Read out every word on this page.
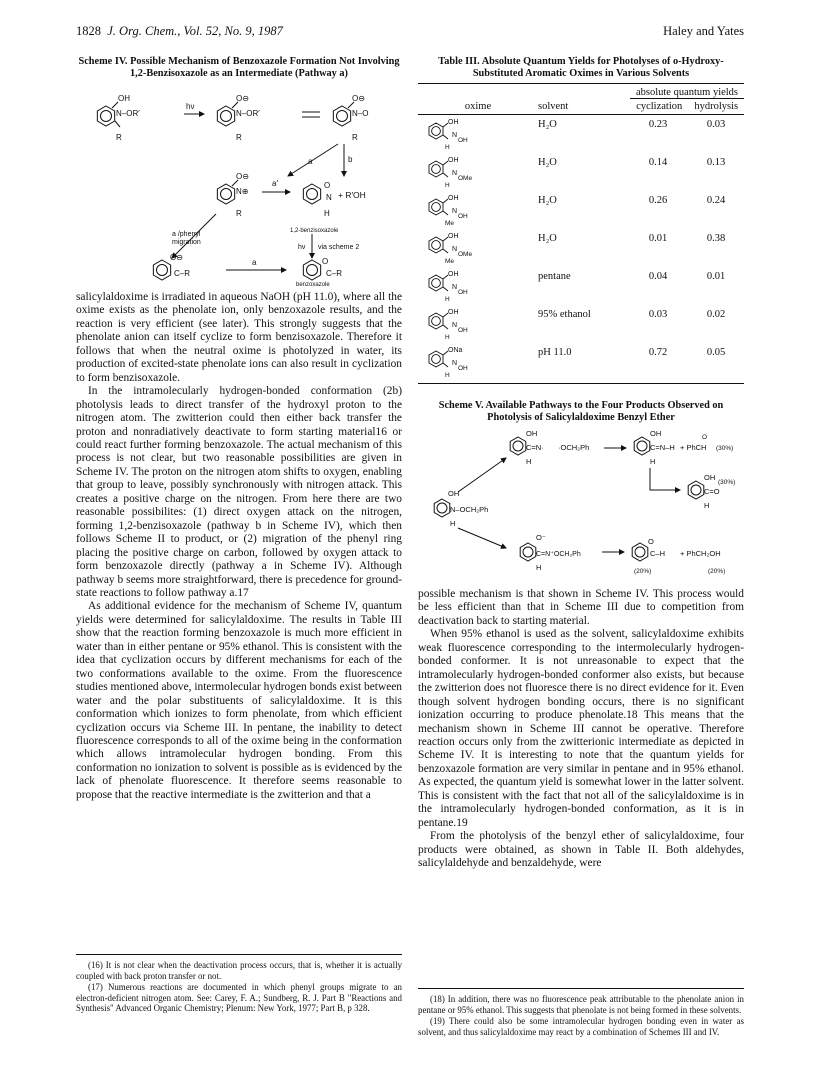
1828 J. Org. Chem., Vol. 52, No. 9, 1987	Haley and Yates
Scheme IV. Possible Mechanism of Benzoxazole Formation Not Involving 1,2-Benzisoxazole as an Intermediate (Pathway a)
OH
N–OR′
R
hν
O⊖
N–OR′
R
O⊖
N–O
R
a	b
O⊖
N⊕
R
a′	O
N
H
+ R′OH
1,2-benzisoxazole
a /phenyl
migration
hν via scheme 2
O⊖
C–R
a	O
C–R
benzoxazole

salicylaldoxime is irradiated in aqueous NaOH (pH 11.0), where all the oxime exists as the phenolate ion, only benzoxazole results, and the reaction is very efficient (see later). This strongly suggests that the phenolate anion can itself cyclize to form benzisoxazole. Therefore it follows that when the neutral oxime is photolyzed in water, its production of excited-state phenolate ions can also result in cyclization to form benzisoxazole.

In the intramolecularly hydrogen-bonded conformation (2b) photolysis leads to direct transfer of the hydroxyl proton to the nitrogen atom. The zwitterion could then either back transfer the proton and nonradiatively deactivate to form starting material16 or could react further forming benzoxazole. The actual mechanism of this process is not clear, but two reasonable possibilities are given in Scheme IV. The proton on the nitrogen atom shifts to oxygen, enabling that group to leave, possibly synchronously with nitrogen attack. This creates a positive charge on the nitrogen. From here there are two reasonable possibilites: (1) direct oxygen attack on the nitrogen, forming 1,2-benzisoxazole (pathway b in Scheme IV), which then follows Scheme II to product, or (2) migration of the phenyl ring placing the positive charge on carbon, followed by oxygen attack to form benzoxazole directly (pathway a in Scheme IV). Although pathway b seems more straightforward, there is precedence for ground-state reactions to follow pathway a.17

As additional evidence for the mechanism of Scheme IV, quantum yields were determined for salicylaldoxime. The results in Table III show that the reaction forming benzoxazole is much more efficient in water than in either pentane or 95% ethanol. This is consistent with the idea that cyclization occurs by different mechanisms for each of the two conformations available to the oxime. From the fluorescence studies mentioned above, intermolecular hydrogen bonds exist between water and the polar substituents of salicylaldoxime. It is this conformation which ionizes to form phenolate, from which efficient cyclization occurs via Scheme III. In pentane, the inability to detect fluorescence corresponds to all of the oxime being in the conformation which allows intramolecular hydrogen bonding. From this conformation no ionization to solvent is possible as is evidenced by the lack of phenolate fluorescence. It therefore seems reasonable to propose that the reactive intermediate is the zwitterion and that a

(16) It is not clear when the deactivation process occurs, that is, whether it is actually coupled with back proton transfer or not.

(17) Numerous reactions are documented in which phenyl groups migrate to an electron-deficient nitrogen atom. See: Carey, F. A.; Sundberg, R. J. Part B "Reactions and Synthesis" Advanced Organic Chemistry; Plenum: New York, 1977; Part B, p 328.

Table III. Absolute Quantum Yields for Photolyses of o-Hydroxy-Substituted Aromatic Oximes in Various Solvents
		absolute quantum yields	
oxime	solvent	cyclization	hydrolysis
OH
N
OH
H
H₂O	0.23	0.03
OH
N
OMe
H
H₂O	0.14	0.13
OH
N
OH
Me
H₂O	0.26	0.24
OH
N
OMe
Me
H₂O	0.01	0.38
OH
N
OH
H
pentane	0.04	0.01
OH
N
OH
H
95% ethanol	0.03	0.02
ONa
N
OH
H
pH 11.0	0.72	0.05
Scheme V. Available Pathways to the Four Products Observed on Photolysis of Salicylaldoxime Benzyl Ether
OH
C=N·
H
·OCH₂Ph
OH
C=N–H
H
+ PhCH
O
(30%)
OH
C=O
H
(30%)
OH
N–OCH₂Ph
H
O⁻
C=N⁺OCH₂Ph
H
O
C–H + PhCH₂OH
(20%)	(20%)

possible mechanism is that shown in Scheme IV. This process would be less efficient than that in Scheme III due to competition from deactivation back to starting material.

When 95% ethanol is used as the solvent, salicylaldoxime exhibits weak fluorescence corresponding to the intermolecularly hydrogen-bonded conformer. It is not unreasonable to expect that the intramolecularly hydrogen-bonded conformer also exists, but because the zwitterion does not fluoresce there is no direct evidence for it. Even though solvent hydrogen bonding occurs, there is no significant ionization occurring to produce phenolate.18 This means that the mechanism shown in Scheme III cannot be operative. Therefore reaction occurs only from the zwitterionic intermediate as depicted in Scheme IV. It is interesting to note that the quantum yields for benzoxazole formation are very similar in pentane and in 95% ethanol. As expected, the quantum yield is somewhat lower in the latter solvent. This is consistent with the fact that not all of the salicylaldoxime is in the intramolecularly hydrogen-bonded conformation, as it is in pentane.19

From the photolysis of the benzyl ether of salicylaldoxime, four products were obtained, as shown in Table II. Both aldehydes, salicylaldehyde and benzaldehyde, were

(18) In addition, there was no fluorescence peak attributable to the phenolate anion in pentane or 95% ethanol. This suggests that phenolate is not being formed in these solvents.

(19) There could also be some intramolecular hydrogen bonding even in water as solvent, and thus salicylaldoxime may react by a combination of Schemes III and IV.
